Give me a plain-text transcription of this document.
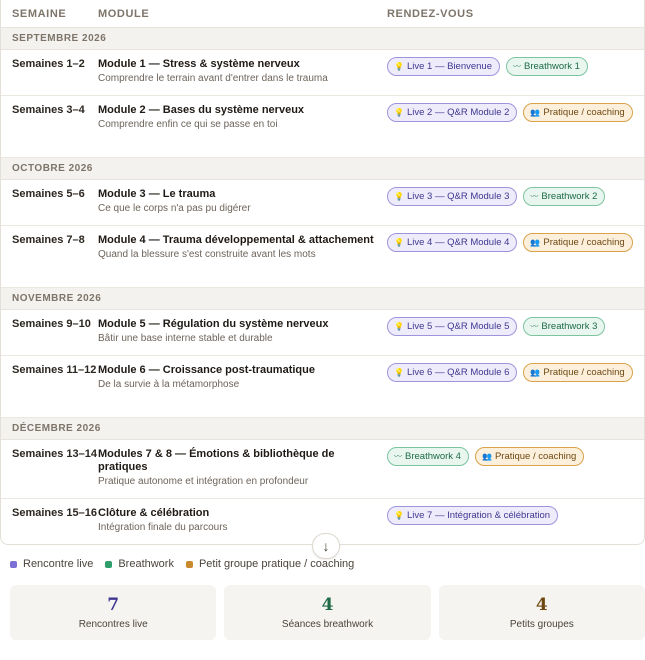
SEMAINE	MODULE	RENDEZ-VOUS
SEPTEMBRE 2026
Semaines 1–2	Module 1 — Stress & système nerveux
Comprendre le terrain avant d'entrer dans le trauma
💡 Live 1 — Bienvenue	〰 Breathwork 1
Semaines 3–4	Module 2 — Bases du système nerveux
Comprendre enfin ce qui se passe en toi
💡 Live 2 — Q&R Module 2	👥 Pratique / coaching
OCTOBRE 2026
Semaines 5–6	Module 3 — Le trauma
Ce que le corps n'a pas pu digérer
💡 Live 3 — Q&R Module 3	〰 Breathwork 2
Semaines 7–8	Module 4 — Trauma développemental & attachement
Quand la blessure s'est construite avant les mots
💡 Live 4 — Q&R Module 4	👥 Pratique / coaching
NOVEMBRE 2026
Semaines 9–10 Module 5 — Régulation du système nerveux
Bâtir une base interne stable et durable
💡 Live 5 — Q&R Module 5	〰 Breathwork 3
Semaines 11–12 Module 6 — Croissance post-traumatique
De la survie à la métamorphose
💡 Live 6 — Q&R Module 6	👥 Pratique / coaching
DÉCEMBRE 2026
Semaines 13–14 Modules 7 & 8 — Émotions & bibliothèque de pratiques
Pratique autonome et intégration en profondeur
〰 Breathwork 4	👥 Pratique / coaching
Semaines 15–16 Clôture & célébration
Intégration finale du parcours
💡 Live 7 — Intégration & célébration
↓
Rencontre live Breathwork Petit groupe pratique / coaching
7
Rencontres live
4
Séances breathwork
4
Petits groupes
